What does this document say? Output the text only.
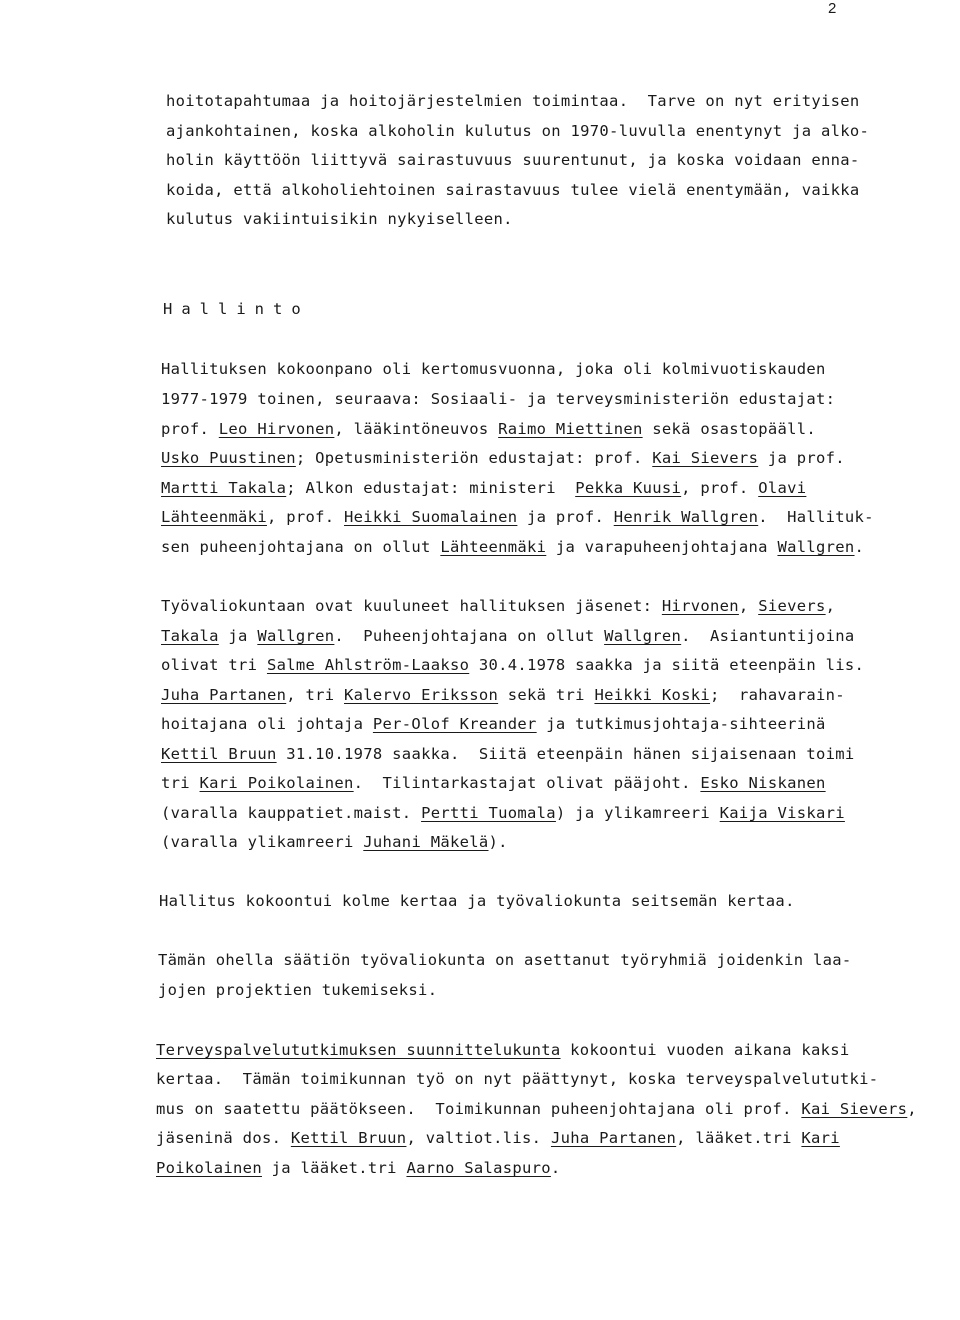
2
hoitotapahtumaa ja hoitojärjestelmien toimintaa.  Tarve on nyt erityisen
ajankohtainen, koska alkoholin kulutus on 1970-luvulla enentynyt ja alko-
holin käyttöön liittyvä sairastuvuus suurentunut, ja koska voidaan enna-
koida, että alkoholiehtoinen sairastavuus tulee vielä enentymään, vaikka
kulutus vakiintuisikin nykyiselleen.
Hallinto
Hallituksen kokoonpano oli kertomusvuonna, joka oli kolmivuotiskauden
1977-1979 toinen, seuraava: Sosiaali- ja terveysministeriön edustajat:
prof. Leo Hirvonen, lääkintöneuvos Raimo Miettinen sekä osastopääll.
Usko Puustinen; Opetusministeriön edustajat: prof. Kai Sievers ja prof.
Martti Takala; Alkon edustajat: ministeri  Pekka Kuusi, prof. Olavi
Lähteenmäki, prof. Heikki Suomalainen ja prof. Henrik Wallgren.  Hallituk-
sen puheenjohtajana on ollut Lähteenmäki ja varapuheenjohtajana Wallgren.
Työvaliokuntaan ovat kuuluneet hallituksen jäsenet: Hirvonen, Sievers,
Takala ja Wallgren.  Puheenjohtajana on ollut Wallgren.  Asiantuntijoina
olivat tri Salme Ahlström-Laakso 30.4.1978 saakka ja siitä eteenpäin lis.
Juha Partanen, tri Kalervo Eriksson sekä tri Heikki Koski;  rahavarain-
hoitajana oli johtaja Per-Olof Kreander ja tutkimusjohtaja-sihteerinä
Kettil Bruun 31.10.1978 saakka.  Siitä eteenpäin hänen sijaisenaan toimi
tri Kari Poikolainen.  Tilintarkastajat olivat pääjoht. Esko Niskanen
(varalla kauppatiet.maist. Pertti Tuomala) ja ylikamreeri Kaija Viskari
(varalla ylikamreeri Juhani Mäkelä).
Hallitus kokoontui kolme kertaa ja työvaliokunta seitsemän kertaa.
Tämän ohella säätiön työvaliokunta on asettanut työryhmiä joidenkin laa-
jojen projektien tukemiseksi.
Terveyspalvelututkimuksen suunnittelukunta kokoontui vuoden aikana kaksi
kertaa.  Tämän toimikunnan työ on nyt päättynyt, koska terveyspalvelututki-
mus on saatettu päätökseen.  Toimikunnan puheenjohtajana oli prof. Kai Sievers,
jäseninä dos. Kettil Bruun, valtiot.lis. Juha Partanen, lääket.tri Kari
Poikolainen ja lääket.tri Aarno Salaspuro.
